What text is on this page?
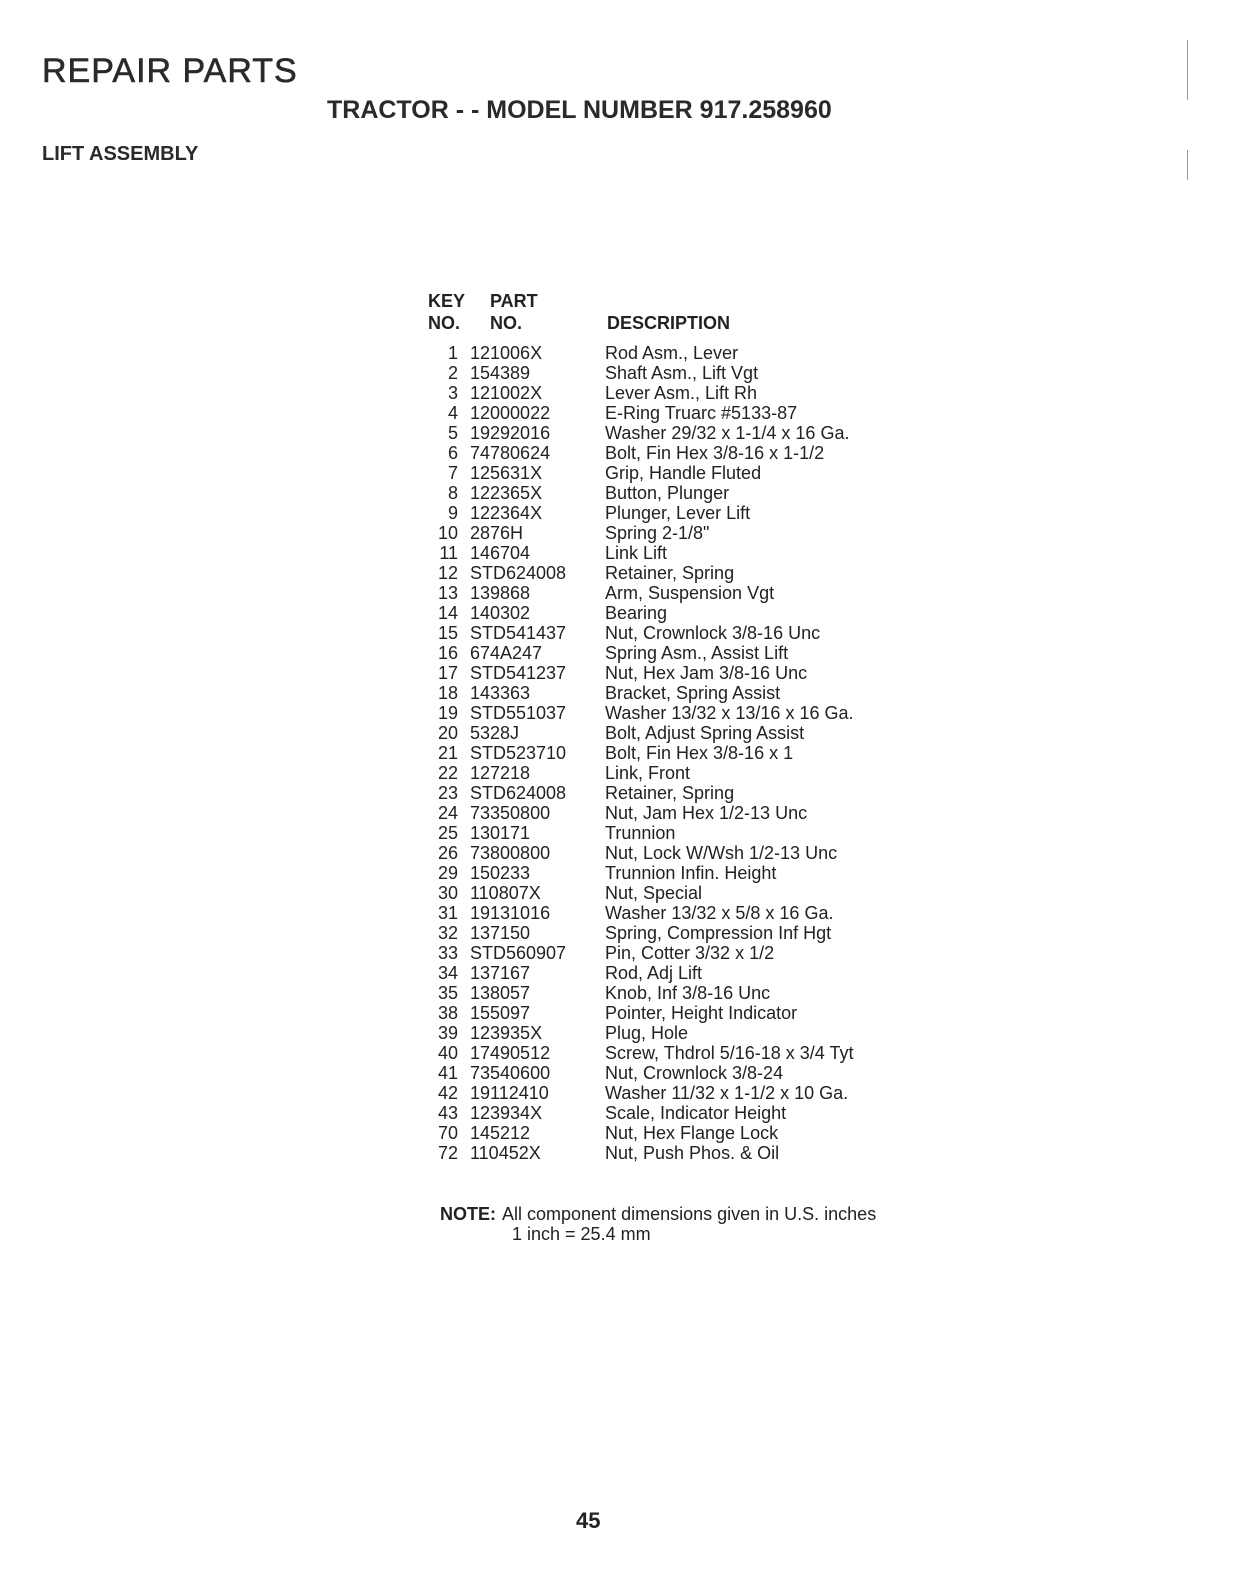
REPAIR PARTS
TRACTOR - - MODEL NUMBER 917.258960
LIFT ASSEMBLY
KEY
NO.
PART
NO.	DESCRIPTION
1	121006X	Rod Asm., Lever
2	154389	Shaft Asm., Lift Vgt
3	121002X	Lever Asm., Lift Rh
4	12000022	E-Ring Truarc #5133-87
5	19292016	Washer 29/32 x 1-1/4 x 16 Ga.
6	74780624	Bolt, Fin Hex 3/8-16 x 1-1/2
7	125631X	Grip, Handle Fluted
8	122365X	Button, Plunger
9	122364X	Plunger, Lever Lift
10	2876H	Spring 2-1/8"
11	146704	Link Lift
12	STD624008	Retainer, Spring
13	139868	Arm, Suspension Vgt
14	140302	Bearing
15	STD541437	Nut, Crownlock 3/8-16 Unc
16	674A247	Spring Asm., Assist Lift
17	STD541237	Nut, Hex Jam 3/8-16 Unc
18	143363	Bracket, Spring Assist
19	STD551037	Washer 13/32 x 13/16 x 16 Ga.
20	5328J	Bolt, Adjust Spring Assist
21	STD523710	Bolt, Fin Hex 3/8-16 x 1
22	127218	Link, Front
23	STD624008	Retainer, Spring
24	73350800	Nut, Jam Hex 1/2-13 Unc
25	130171	Trunnion
26	73800800	Nut, Lock W/Wsh 1/2-13 Unc
29	150233	Trunnion Infin. Height
30	110807X	Nut, Special
31	19131016	Washer 13/32 x 5/8 x 16 Ga.
32	137150	Spring, Compression Inf Hgt
33	STD560907	Pin, Cotter 3/32 x 1/2
34	137167	Rod, Adj Lift
35	138057	Knob, Inf 3/8-16 Unc
38	155097	Pointer, Height Indicator
39	123935X	Plug, Hole
40	17490512	Screw, Thdrol 5/16-18 x 3/4 Tyt
41	73540600	Nut, Crownlock 3/8-24
42	19112410	Washer 11/32 x 1-1/2 x 10 Ga.
43	123934X	Scale, Indicator Height
70	145212	Nut, Hex Flange Lock
72	110452X	Nut, Push Phos. & Oil
NOTE: All component dimensions given in U.S. inches
1 inch = 25.4 mm
45
